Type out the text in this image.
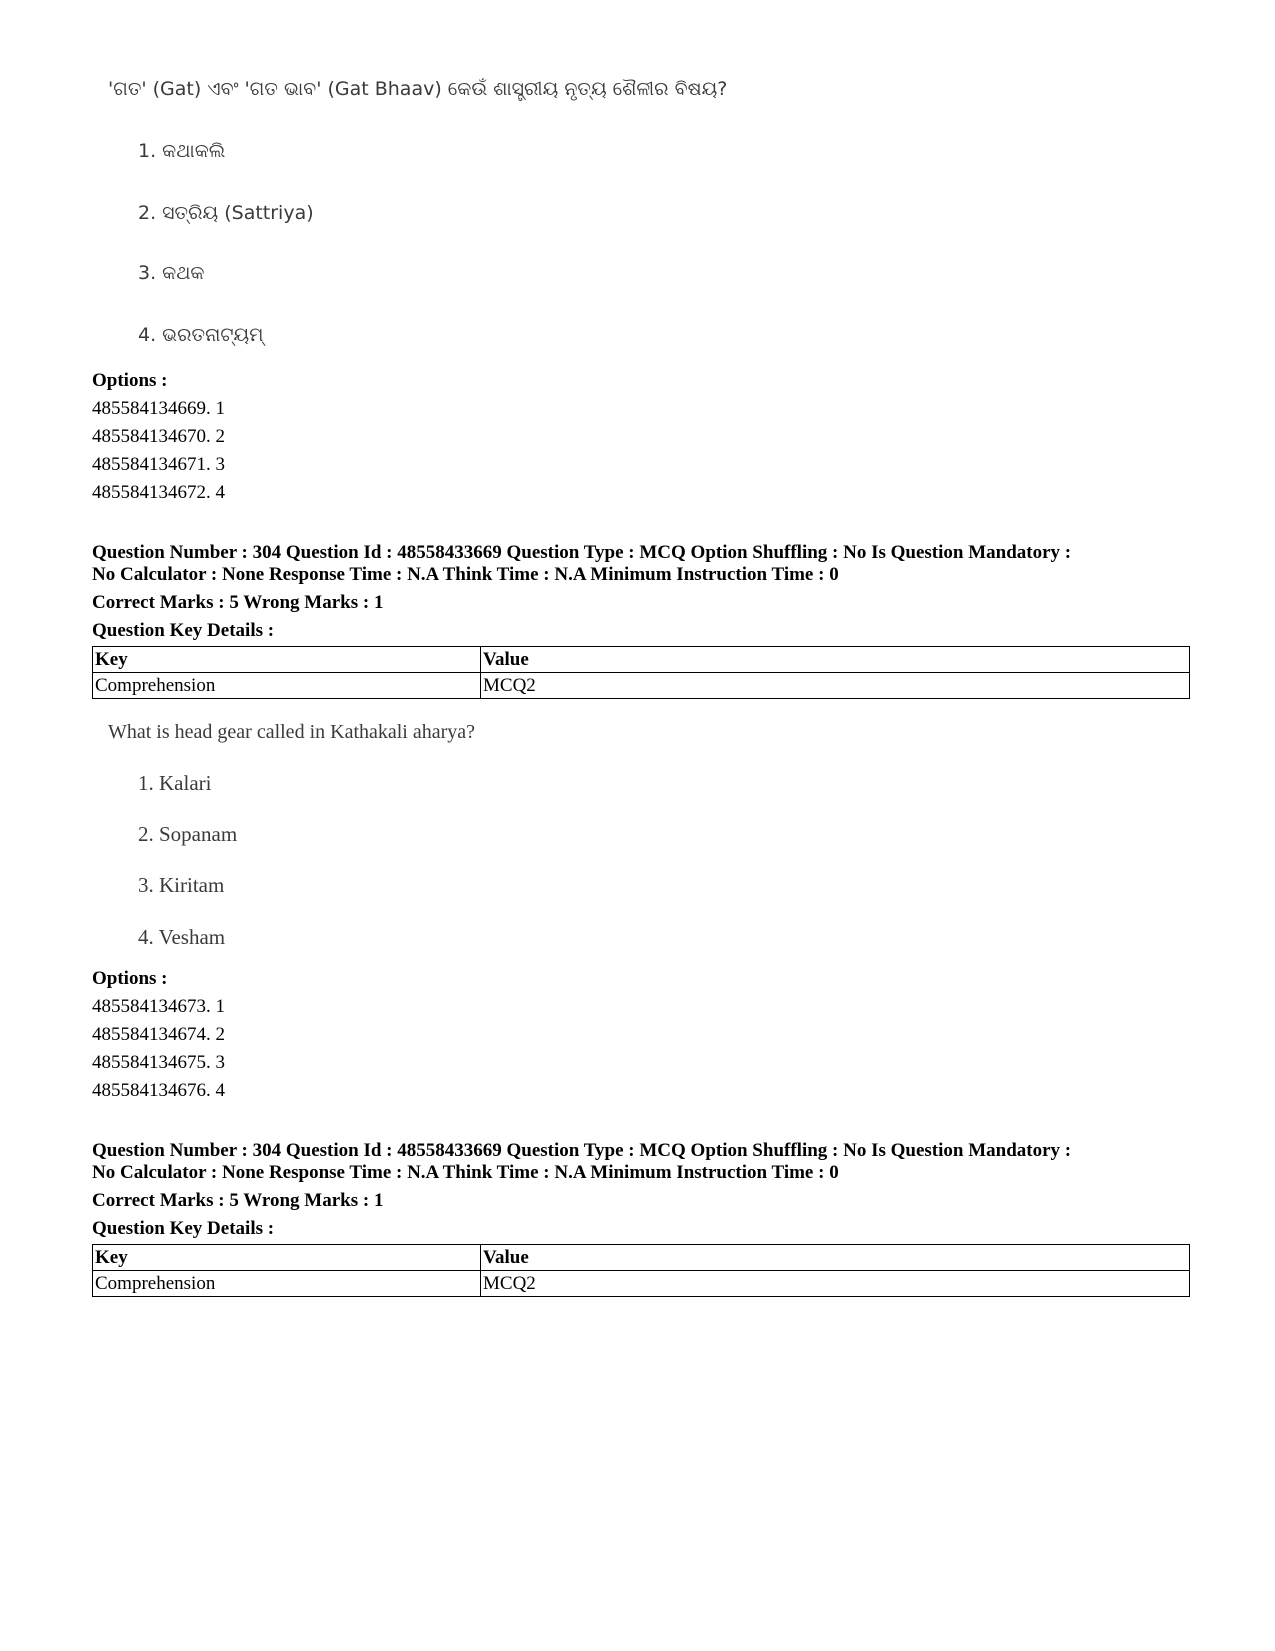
'ଗତ' (Gat) ଏବଂ 'ଗତ ଭାବ' (Gat Bhaav) କେଉଁ ଶାସ୍ତ୍ରୀୟ ନୃତ୍ୟ ଶୈଳୀର ବିଷୟ?
1. କଥାକଲି
2. ସତ୍ରିୟ (Sattriya)
3. କଥକ
4. ଭରତନାଟ୍ୟମ୍
Options :
485584134669. 1
485584134670. 2
485584134671. 3
485584134672. 4
Question Number : 304 Question Id : 48558433669 Question Type : MCQ Option Shuffling : No Is Question Mandatory :
No Calculator : None Response Time : N.A Think Time : N.A Minimum Instruction Time : 0
Correct Marks : 5 Wrong Marks : 1
Question Key Details :
Key	Value
Comprehension	MCQ2
What is head gear called in Kathakali aharya?
1. Kalari
2. Sopanam
3. Kiritam
4. Vesham
Options :
485584134673. 1
485584134674. 2
485584134675. 3
485584134676. 4
Question Number : 304 Question Id : 48558433669 Question Type : MCQ Option Shuffling : No Is Question Mandatory :
No Calculator : None Response Time : N.A Think Time : N.A Minimum Instruction Time : 0
Correct Marks : 5 Wrong Marks : 1
Question Key Details :
Key	Value
Comprehension	MCQ2
